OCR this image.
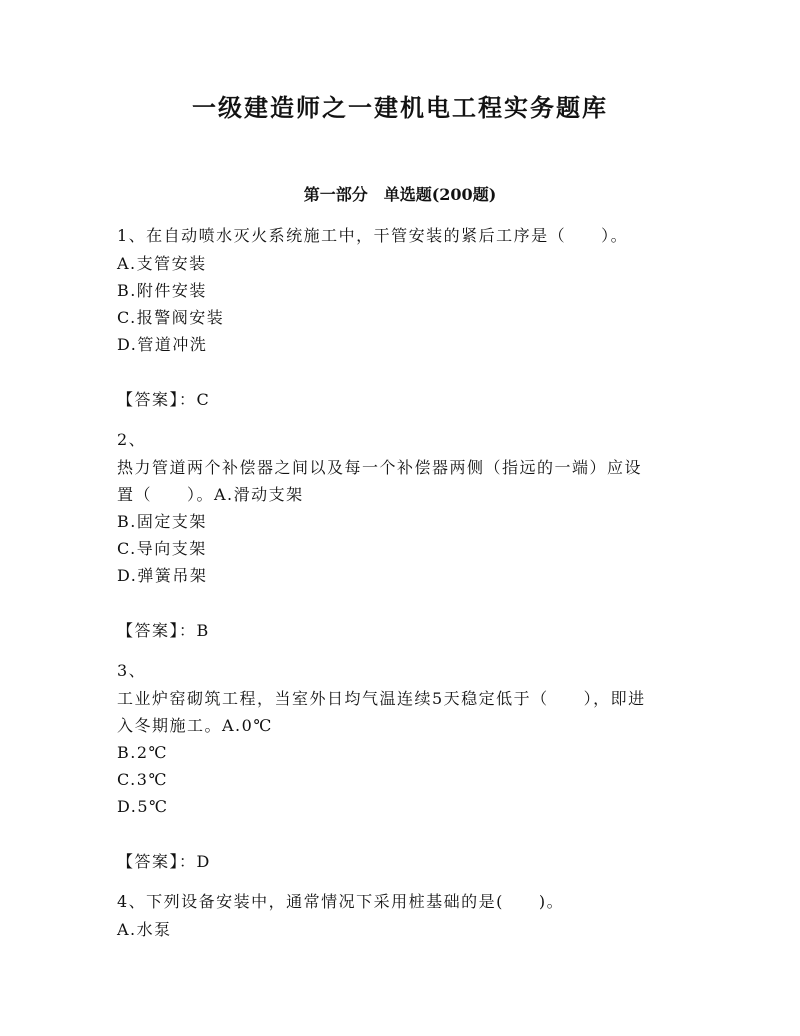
一级建造师之一建机电工程实务题库
第一部分　单选题(200题)
1、在自动喷水灭火系统施工中，干管安装的紧后工序是（　　）。
A.支管安装
B.附件安装
C.报警阀安装
D.管道冲洗
【答案】：C
2、
热力管道两个补偿器之间以及每一个补偿器两侧（指远的一端）应设
置（　　）。A.滑动支架
B.固定支架
C.导向支架
D.弹簧吊架
【答案】：B
3、
工业炉窑砌筑工程，当室外日均气温连续5天稳定低于（　　），即进
入冬期施工。A.0℃
B.2℃
C.3℃
D.5℃
【答案】：D
4、下列设备安装中，通常情况下采用桩基础的是(　　)。
A.水泵
